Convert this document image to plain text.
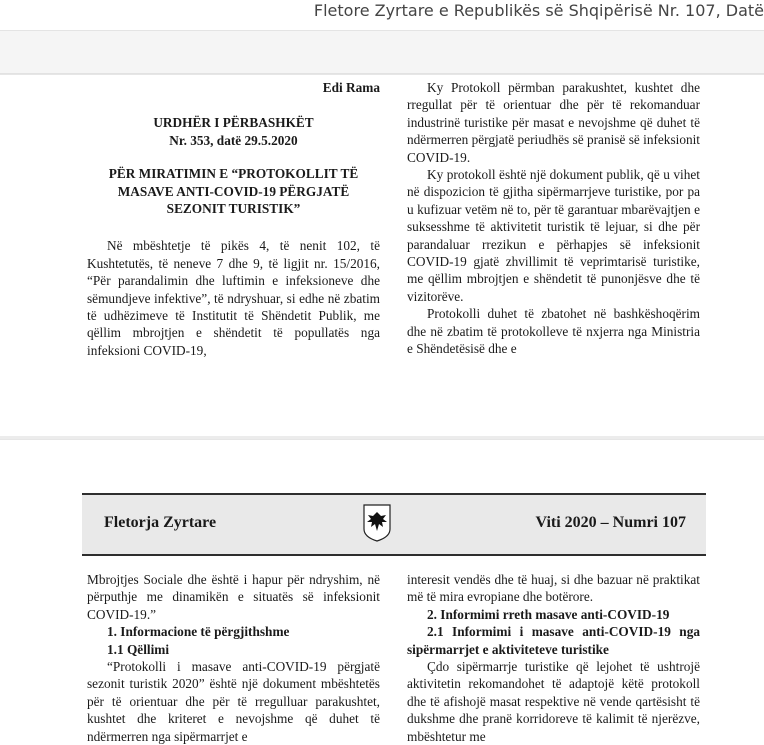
Fletore Zyrtare e Republikës së Shqipërisë Nr. 107, Datë
Edi Rama
URDHËR I PËRBASHKËT
Nr. 353, datë 29.5.2020
PËR MIRATIMIN E “PROTOKOLLIT TË MASAVE ANTI-COVID-19 PËRGJATË SEZONIT TURISTIK”

Në mbështetje të pikës 4, të nenit 102, të Kushtetutës, të neneve 7 dhe 9, të ligjit nr. 15/2016, “Për parandalimin dhe luftimin e infeksioneve dhe sëmundjeve infektive”, të ndryshuar, si edhe në zbatim të udhëzimeve të Institutit të Shëndetit Publik, me qëllim mbrojtjen e shëndetit të popullatës nga infeksioni COVID-19,

Ky Protokoll përmban parakushtet, kushtet dhe rregullat për të orientuar dhe për të rekomanduar industrinë turistike për masat e nevojshme që duhet të ndërmerren përgjatë periudhës së pranisë së infeksionit COVID-19.

Ky protokoll është një dokument publik, që u vihet në dispozicion të gjitha sipërmarrjeve turistike, por pa u kufizuar vetëm në to, për të garantuar mbarëvajtjen e suksesshme të aktivitetit turistik të lejuar, si dhe për parandaluar rrezikun e përhapjes së infeksionit COVID-19 gjatë zhvillimit të veprimtarisë turistike, me qëllim mbrojtjen e shëndetit të punonjësve dhe të vizitorëve.

Protokolli duhet të zbatohet në bashkëshoqërim dhe në zbatim të protokolleve të nxjerra nga Ministria e Shëndetësisë dhe e

Fletorja Zyrtare	Viti 2020 – Numri 107
Mbrojtjes Sociale dhe është i hapur për ndryshim, në përputhje me dinamikën e situatës së infeksionit COVID-19.”
1. Informacione të përgjithshme
1.1 Qëllimi

“Protokolli i masave anti-COVID-19 përgjatë sezonit turistik 2020” është një dokument mbështetës për të orientuar dhe për të rregulluar parakushtet, kushtet dhe kriteret e nevojshme që duhet të ndërmerren nga sipërmarrjet e

interesit vendës dhe të huaj, si dhe bazuar në praktikat më të mira evropiane dhe botërore.
2. Informimi rreth masave anti-COVID-19
2.1 Informimi i masave anti-COVID-19 nga sipërmarrjet e aktiviteteve turistike

Çdo sipërmarrje turistike që lejohet të ushtrojë aktivitetin rekomandohet të adaptojë këtë protokoll dhe të afishojë masat respektive në vende qartësisht të dukshme dhe pranë korridoreve të kalimit të njerëzve, mbështetur me
